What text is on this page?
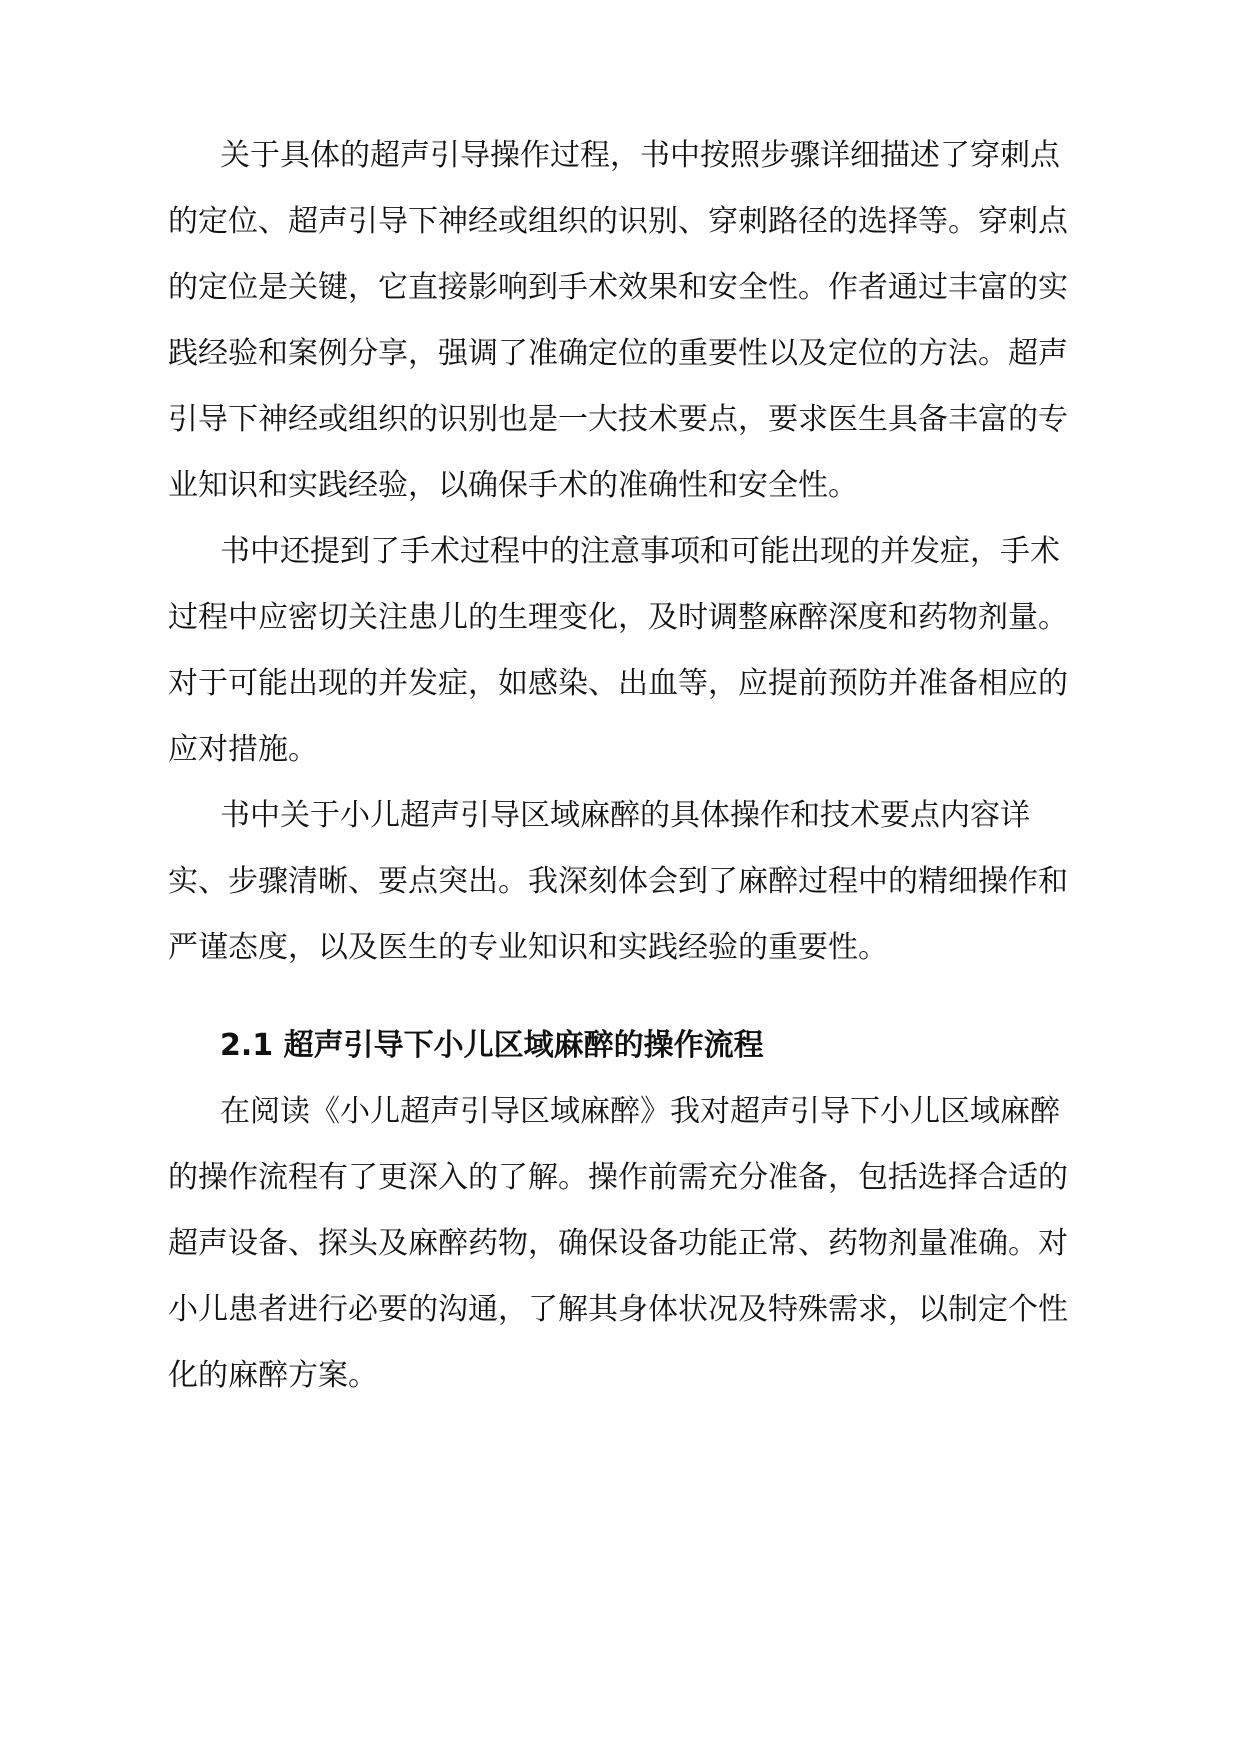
关于具体的超声引导操作过程，书中按照步骤详细描述了穿刺点
的定位、超声引导下神经或组织的识别、穿刺路径的选择等。穿刺点
的定位是关键，它直接影响到手术效果和安全性。作者通过丰富的实
践经验和案例分享，强调了准确定位的重要性以及定位的方法。超声
引导下神经或组织的识别也是一大技术要点，要求医生具备丰富的专
业知识和实践经验，以确保手术的准确性和安全性。
书中还提到了手术过程中的注意事项和可能出现的并发症，手术
过程中应密切关注患儿的生理变化，及时调整麻醉深度和药物剂量。
对于可能出现的并发症，如感染、出血等，应提前预防并准备相应的
应对措施。
书中关于小儿超声引导区域麻醉的具体操作和技术要点内容详
实、步骤清晰、要点突出。我深刻体会到了麻醉过程中的精细操作和
严谨态度，以及医生的专业知识和实践经验的重要性。
2.1 超声引导下小儿区域麻醉的操作流程
在阅读《小儿超声引导区域麻醉》我对超声引导下小儿区域麻醉
的操作流程有了更深入的了解。操作前需充分准备，包括选择合适的
超声设备、探头及麻醉药物，确保设备功能正常、药物剂量准确。对
小儿患者进行必要的沟通，了解其身体状况及特殊需求，以制定个性
化的麻醉方案。
